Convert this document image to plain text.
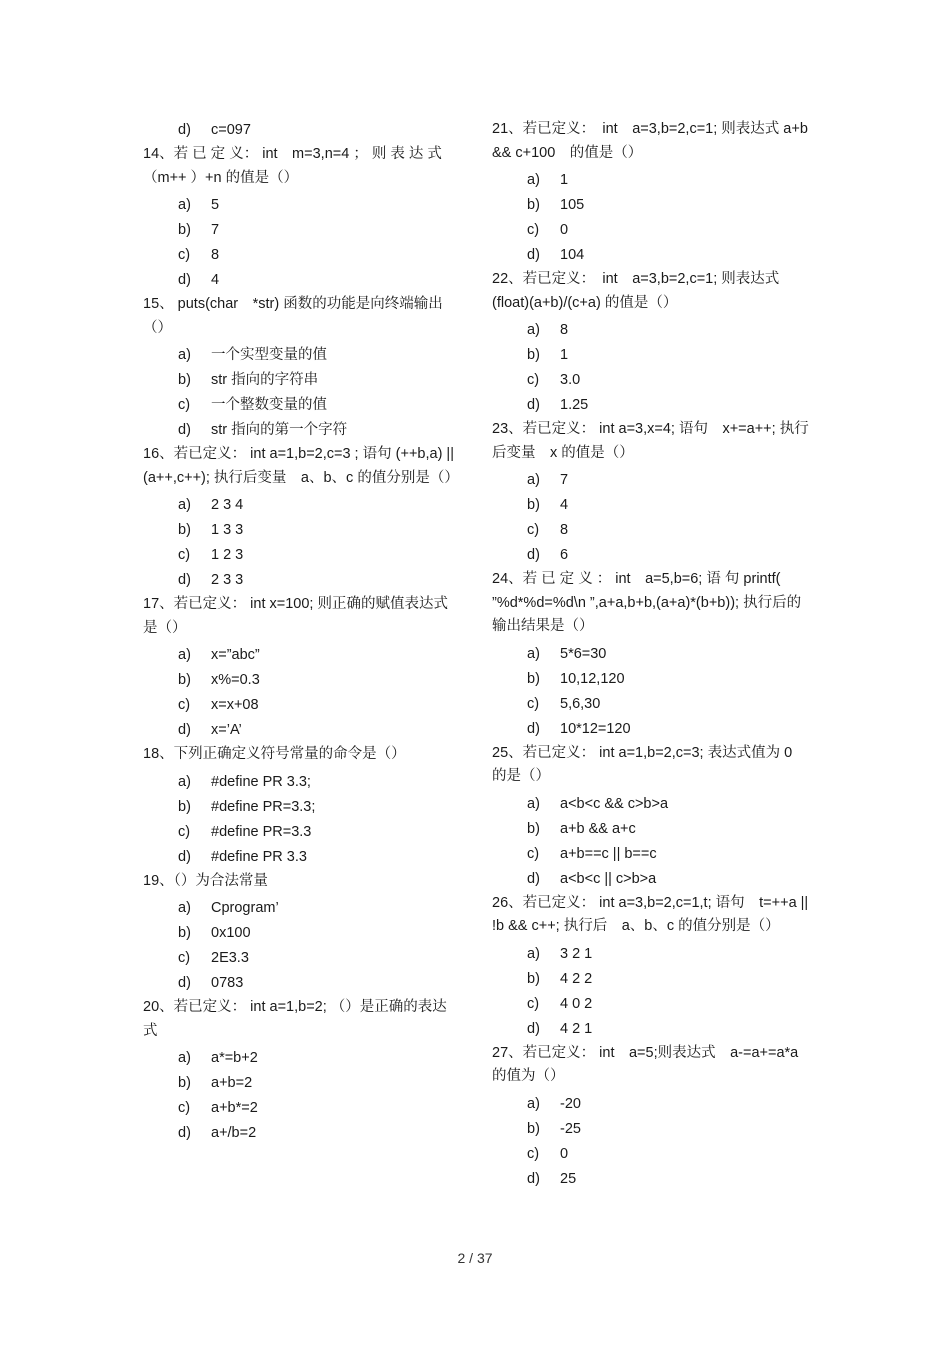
d)	c=097

14、若 已 定 义： int　m=3,n=4 ； 则 表 达 式（m++ ）+n 的值是（）

a)	5
b)	7
c)	8
d)	4

15、 puts(char　*str) 函数的功能是向终端输出（）

a)	一个实型变量的值
b)	str 指向的字符串
c)	一个整数变量的值
d)	str 指向的第一个字符

16、若已定义： int a=1,b=2,c=3 ; 语句 (++b,a) || (a++,c++); 执行后变量　a、b、c 的值分别是（）

a)	2 3 4
b)	1 3 3
c)	1 2 3
d)	2 3 3

17、若已定义： int x=100; 则正确的赋值表达式是（）

a)	x=”abc”
b)	x%=0.3
c)	x=x+08
d)	x=’A’

18、下列正确定义符号常量的命令是（）

a)	#define PR 3.3;
b)	#define PR=3.3;
c)	#define PR=3.3
d)	#define PR 3.3

19、（）为合法常量

a)	Cprogram’
b)	0x100
c)	2E3.3
d)	0783

20、若已定义： int a=1,b=2; （）是正确的表达式

a)	a*=b+2
b)	a+b=2
c)	a+b*=2
d)	a+/b=2

21、若已定义：　int　a=3,b=2,c=1; 则表达式 a+b && c+100　的值是（）

a)	1
b)	105
c)	0
d)	104

22、若已定义：　int　a=3,b=2,c=1; 则表达式 (float)(a+b)/(c+a) 的值是（）

a)	8
b)	1
c)	3.0
d)	1.25

23、若已定义： int a=3,x=4; 语句　x+=a++; 执行后变量　x 的值是（）

a)	7
b)	4
c)	8
d)	6

24、若 已 定 义 ： int　a=5,b=6; 语 句 printf( ”%d*%d=%d\n ”,a+a,b+b,(a+a)*(b+b)); 执行后的输出结果是（）

a)	5*6=30
b)	10,12,120
c)	5,6,30
d)	10*12=120

25、若已定义： int a=1,b=2,c=3; 表达式值为 0 的是（）

a)	a<b<c && c>b>a
b)	a+b && a+c
c)	a+b==c || b==c
d)	a<b<c || c>b>a

26、若已定义： int a=3,b=2,c=1,t; 语句　t=++a || !b && c++; 执行后　a、b、c 的值分别是（）

a)	3 2 1
b)	4 2 2
c)	4 0 2
d)	4 2 1

27、若已定义： int　a=5;则表达式　a-=a+=a*a 的值为（）

a)	-20
b)	-25
c)	0
d)	25
2 / 37
